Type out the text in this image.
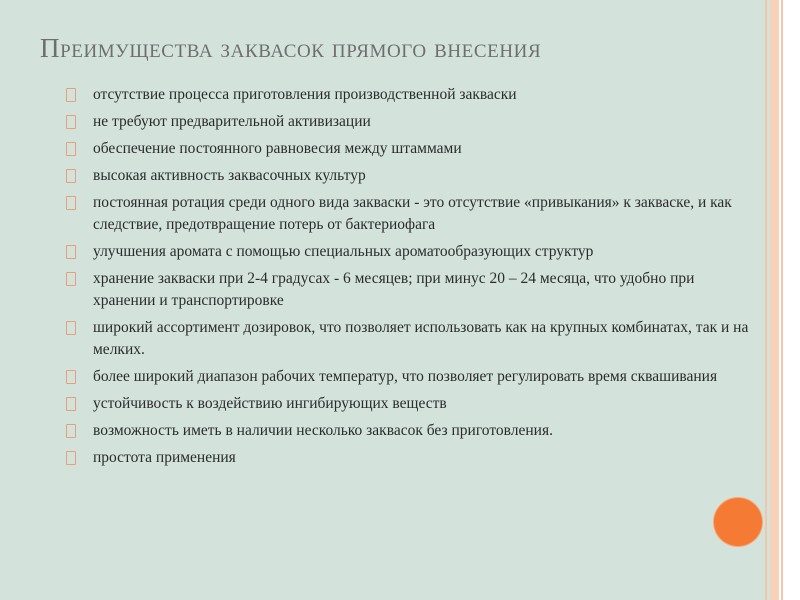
Преимущества заквасок прямого внесения
отсутствие процесса приготовления производственной закваски
не требуют предварительной активизации
обеспечение постоянного равновесия между штаммами
высокая активность заквасочных культур
постоянная ротация среди одного вида закваски - это отсутствие «привыкания» к закваске, и как следствие, предотвращение потерь от бактериофага
улучшения аромата с помощью специальных ароматообразующих структур
хранение закваски при 2-4 градусах - 6 месяцев; при минус 20 – 24 месяца, что удобно при хранении и транспортировке
широкий ассортимент дозировок, что позволяет использовать как на крупных комбинатах, так и на мелких.
более широкий диапазон рабочих температур, что позволяет регулировать время сквашивания
устойчивость к воздействию ингибирующих веществ
возможность иметь в наличии несколько заквасок без приготовления.
простота применения
